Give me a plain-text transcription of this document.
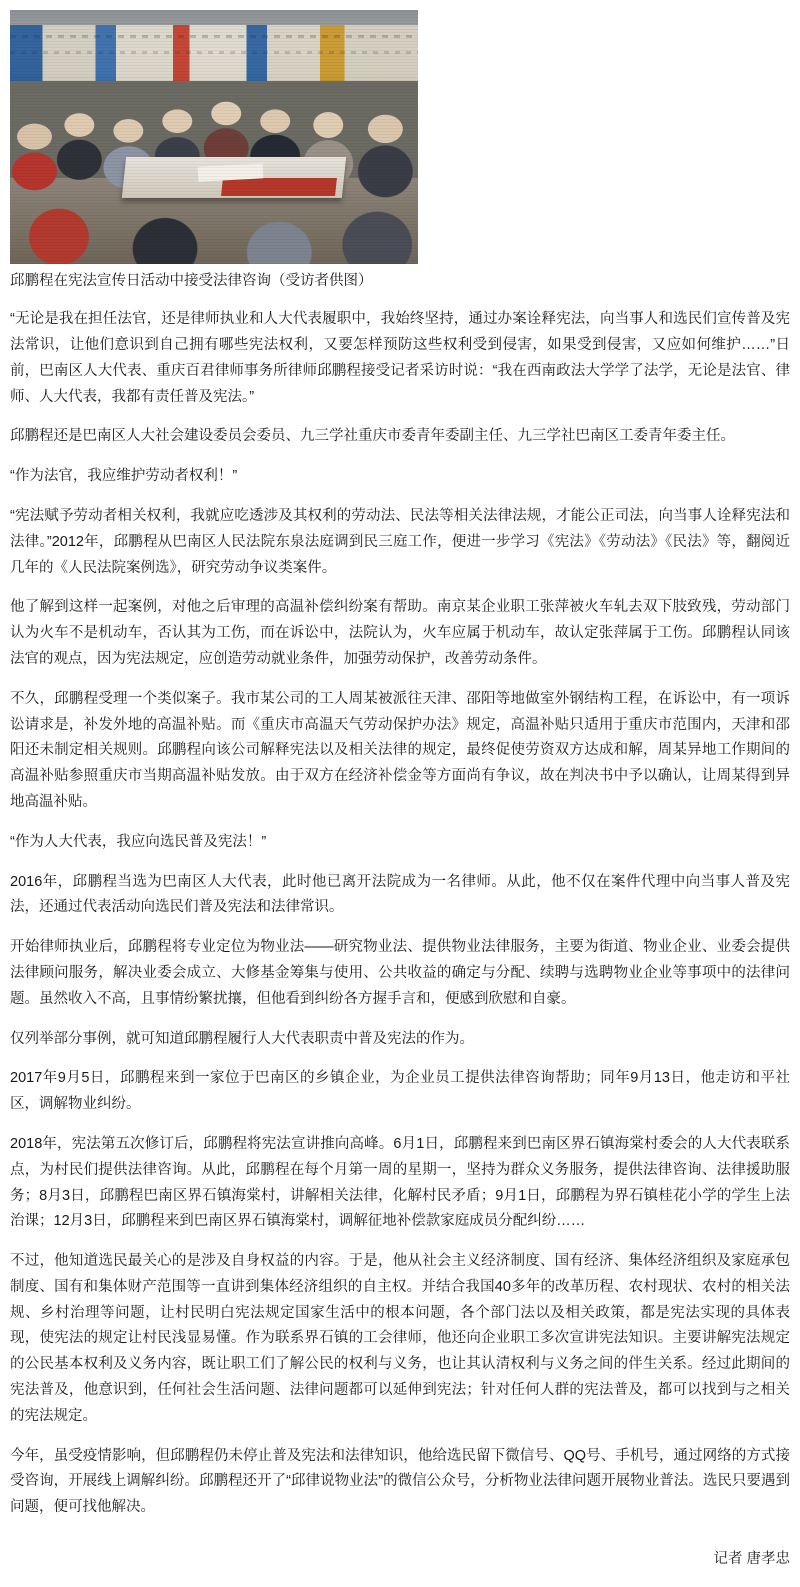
邱鹏程在宪法宣传日活动中接受法律咨询（受访者供图）

“无论是我在担任法官，还是律师执业和人大代表履职中，我始终坚持，通过办案诠释宪法，向当事人和选民们宣传普及宪法常识，让他们意识到自己拥有哪些宪法权利，又要怎样预防这些权利受到侵害，如果受到侵害，又应如何维护……”日前，巴南区人大代表、重庆百君律师事务所律师邱鹏程接受记者采访时说：“我在西南政法大学学了法学，无论是法官、律师、人大代表，我都有责任普及宪法。”

邱鹏程还是巴南区人大社会建设委员会委员、九三学社重庆市委青年委副主任、九三学社巴南区工委青年委主任。

“作为法官，我应维护劳动者权利！”

“宪法赋予劳动者相关权利，我就应吃透涉及其权利的劳动法、民法等相关法律法规，才能公正司法，向当事人诠释宪法和法律。”2012年，邱鹏程从巴南区人民法院东泉法庭调到民三庭工作，便进一步学习《宪法》《劳动法》《民法》等，翻阅近几年的《人民法院案例选》，研究劳动争议类案件。

他了解到这样一起案例，对他之后审理的高温补偿纠纷案有帮助。南京某企业职工张萍被火车轧去双下肢致残，劳动部门认为火车不是机动车，否认其为工伤，而在诉讼中，法院认为，火车应属于机动车，故认定张萍属于工伤。邱鹏程认同该法官的观点，因为宪法规定，应创造劳动就业条件，加强劳动保护，改善劳动条件。

不久，邱鹏程受理一个类似案子。我市某公司的工人周某被派往天津、邵阳等地做室外钢结构工程，在诉讼中，有一项诉讼请求是，补发外地的高温补贴。而《重庆市高温天气劳动保护办法》规定，高温补贴只适用于重庆市范围内，天津和邵阳还未制定相关规则。邱鹏程向该公司解释宪法以及相关法律的规定，最终促使劳资双方达成和解，周某异地工作期间的高温补贴参照重庆市当期高温补贴发放。由于双方在经济补偿金等方面尚有争议，故在判决书中予以确认，让周某得到异地高温补贴。

“作为人大代表，我应向选民普及宪法！”

2016年，邱鹏程当选为巴南区人大代表，此时他已离开法院成为一名律师。从此，他不仅在案件代理中向当事人普及宪法，还通过代表活动向选民们普及宪法和法律常识。

开始律师执业后，邱鹏程将专业定位为物业法——研究物业法、提供物业法律服务，主要为街道、物业企业、业委会提供法律顾问服务，解决业委会成立、大修基金筹集与使用、公共收益的确定与分配、续聘与选聘物业企业等事项中的法律问题。虽然收入不高，且事情纷繁扰攘，但他看到纠纷各方握手言和，便感到欣慰和自豪。

仅列举部分事例，就可知道邱鹏程履行人大代表职责中普及宪法的作为。

2017年9月5日，邱鹏程来到一家位于巴南区的乡镇企业，为企业员工提供法律咨询帮助；同年9月13日，他走访和平社区，调解物业纠纷。

2018年，宪法第五次修订后，邱鹏程将宪法宣讲推向高峰。6月1日，邱鹏程来到巴南区界石镇海棠村委会的人大代表联系点，为村民们提供法律咨询。从此，邱鹏程在每个月第一周的星期一，坚持为群众义务服务，提供法律咨询、法律援助服务；8月3日，邱鹏程巴南区界石镇海棠村，讲解相关法律，化解村民矛盾；9月1日，邱鹏程为界石镇桂花小学的学生上法治课；12月3日，邱鹏程来到巴南区界石镇海棠村，调解征地补偿款家庭成员分配纠纷……

不过，他知道选民最关心的是涉及自身权益的内容。于是，他从社会主义经济制度、国有经济、集体经济组织及家庭承包制度、国有和集体财产范围等一直讲到集体经济组织的自主权。并结合我国40多年的改革历程、农村现状、农村的相关法规、乡村治理等问题，让村民明白宪法规定国家生活中的根本问题，各个部门法以及相关政策，都是宪法实现的具体表现，使宪法的规定让村民浅显易懂。作为联系界石镇的工会律师，他还向企业职工多次宣讲宪法知识。主要讲解宪法规定的公民基本权利及义务内容，既让职工们了解公民的权利与义务，也让其认清权利与义务之间的伴生关系。经过此期间的宪法普及，他意识到，任何社会生活问题、法律问题都可以延伸到宪法；针对任何人群的宪法普及，都可以找到与之相关的宪法规定。

今年，虽受疫情影响，但邱鹏程仍未停止普及宪法和法律知识，他给选民留下微信号、QQ号、手机号，通过网络的方式接受咨询，开展线上调解纠纷。邱鹏程还开了“邱律说物业法”的微信公众号，分析物业法律问题开展物业普法。选民只要遇到问题，便可找他解决。

记者 唐孝忠
